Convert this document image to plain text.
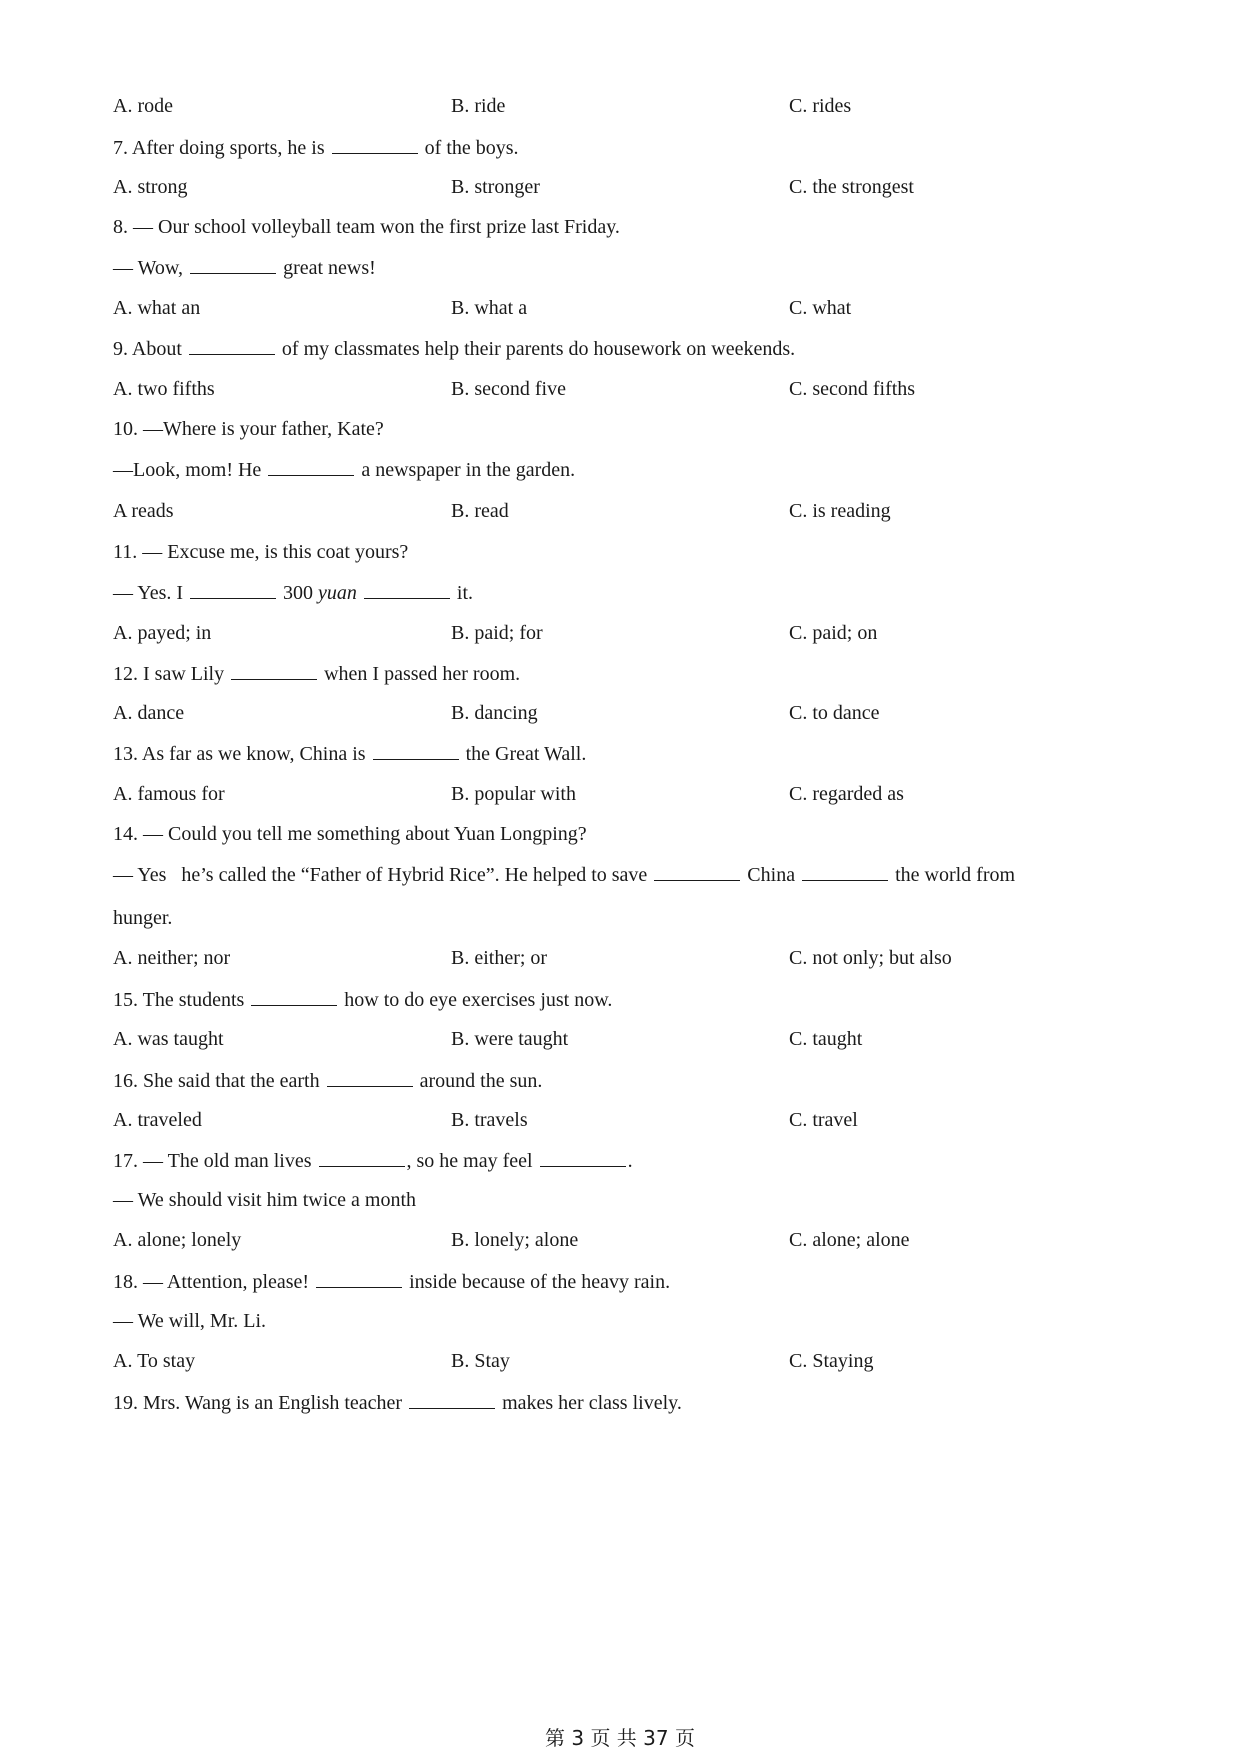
A. rode	B. ride	C. rides
7. After doing sports, he is	of the boys.
A. strong	B. stronger	C. the strongest
8. — Our school volleyball team won the first prize last Friday.
— Wow,	great news!
A. what an	B. what a	C. what
9. About	of my classmates help their parents do housework on weekends.
A. two fifths	B. second five	C. second fifths
10. —Where is your father, Kate?
—Look, mom! He	a newspaper in the garden.
A reads	B. read	C. is reading
11. — Excuse me, is this coat yours?
— Yes. I	300 yuan	it.
A. payed; in	B. paid; for	C. paid; on
12. I saw Lily	when I passed her room.
A. dance	B. dancing	C. to dance
13. As far as we know, China is	the Great Wall.
A. famous for	B. popular with	C. regarded as
14. — Could you tell me something about Yuan Longping?
— Yes   he’s called the “Father of Hybrid Rice”. He helped to save	China	the world from
hunger.
A. neither; nor	B. either; or	C. not only; but also
15. The students	how to do eye exercises just now.
A. was taught	B. were taught	C. taught
16. She said that the earth	around the sun.
A. traveled	B. travels	C. travel
17. — The old man lives	, so he may feel	.
— We should visit him twice a month
A. alone; lonely	B. lonely; alone	C. alone; alone
18. — Attention, please!	inside because of the heavy rain.
— We will, Mr. Li.
A. To stay	B. Stay	C. Staying
19. Mrs. Wang is an English teacher	makes her class lively.
第 3 页 共 37 页
